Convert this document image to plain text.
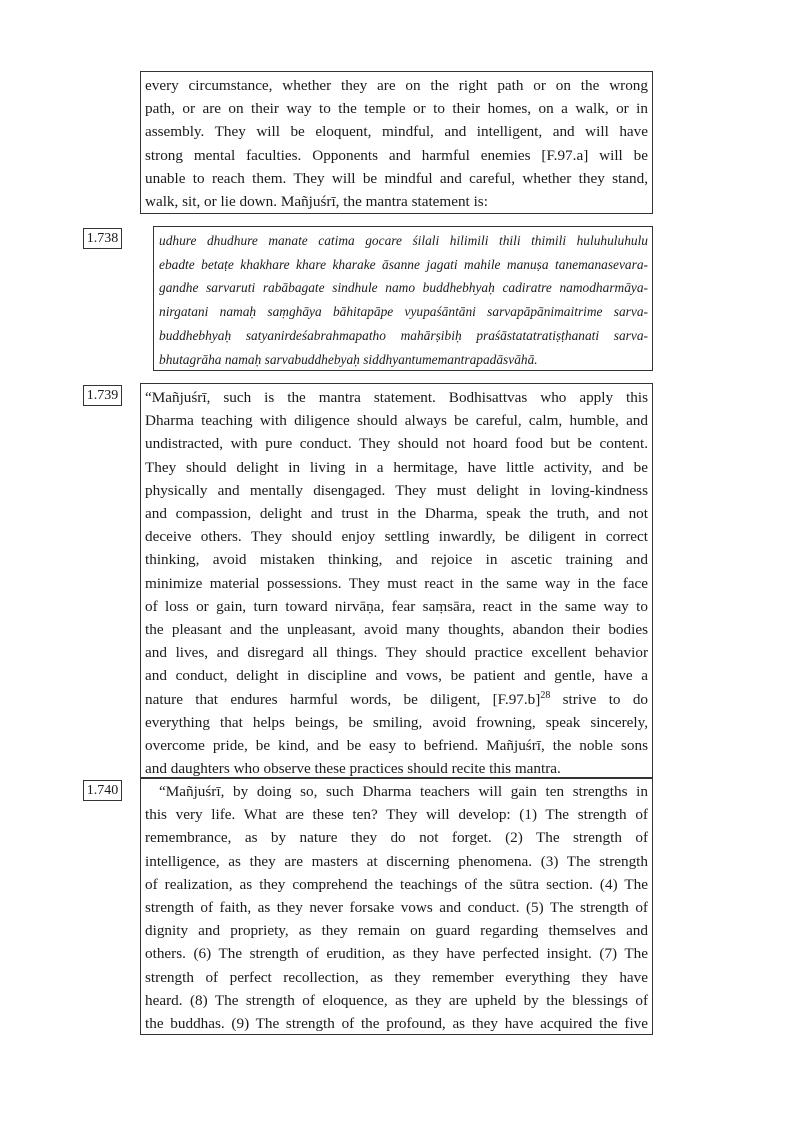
every circumstance, whether they are on the right path or on the wrong
path, or are on their way to the temple or to their homes, on a walk, or in
assembly. They will be eloquent, mindful, and intelligent, and will have
strong mental faculties. Opponents and harmful enemies [F.97.a] will be
unable to reach them. They will be mindful and careful, whether they stand,
walk, sit, or lie down. Mañjuśrī, the mantra statement is:
1.738	udhure dhudhure manate catima gocare śilali hilimili thili thimili huluhuluhulu
ebadte betaṭe khakhare khare kharake āsanne jagati mahile manuṣa tanemanasevara-
gandhe sarvaruti rabābagate sindhule namo buddhebhyaḥ cadiratre namodharmāya-
nirgatani namaḥ saṃghāya bāhitapāpe vyupaśāntāni sarvapāpānimaitrime sarva-
buddhebhyaḥ satyanirdeśabrahmapatho mahārṣibiḥ praśāstatatratiṣṭhanati sarva-
bhutagrāha namaḥ sarvabuddhebyaḥ siddhyantumemantrapadāsvāhā.
1.739 “Mañjuśrī, such is the mantra statement. Bodhisattvas who apply this
Dharma teaching with diligence should always be careful, calm, humble, and
undistracted, with pure conduct. They should not hoard food but be content.
They should delight in living in a hermitage, have little activity, and be
physically and mentally disengaged. They must delight in loving-kindness
and compassion, delight and trust in the Dharma, speak the truth, and not
deceive others. They should enjoy settling inwardly, be diligent in correct
thinking, avoid mistaken thinking, and rejoice in ascetic training and
minimize material possessions. They must react in the same way in the face
of loss or gain, turn toward nirvāṇa, fear saṃsāra, react in the same way to
the pleasant and the unpleasant, avoid many thoughts, abandon their bodies
and lives, and disregard all things. They should practice excellent behavior
and conduct, delight in discipline and vows, be patient and gentle, have a
nature that endures harmful words, be diligent, $[F.97.b]^{28}$ strive to do
everything that helps beings, be smiling, avoid frowning, speak sincerely,
overcome pride, be kind, and be easy to befriend. Mañjuśrī, the noble sons
and daughters who observe these practices should recite this mantra.
1.740	“Mañjuśrī, by doing so, such Dharma teachers will gain ten strengths in
this very life. What are these ten? They will develop: (1) The strength of
remembrance, as by nature they do not forget. (2) The strength of
intelligence, as they are masters at discerning phenomena. (3) The strength
of realization, as they comprehend the teachings of the sūtra section. (4) The
strength of faith, as they never forsake vows and conduct. (5) The strength of
dignity and propriety, as they remain on guard regarding themselves and
others. (6) The strength of erudition, as they have perfected insight. (7) The
strength of perfect recollection, as they remember everything they have
heard. (8) The strength of eloquence, as they are upheld by the blessings of
the buddhas. (9) The strength of the profound, as they have acquired the five
